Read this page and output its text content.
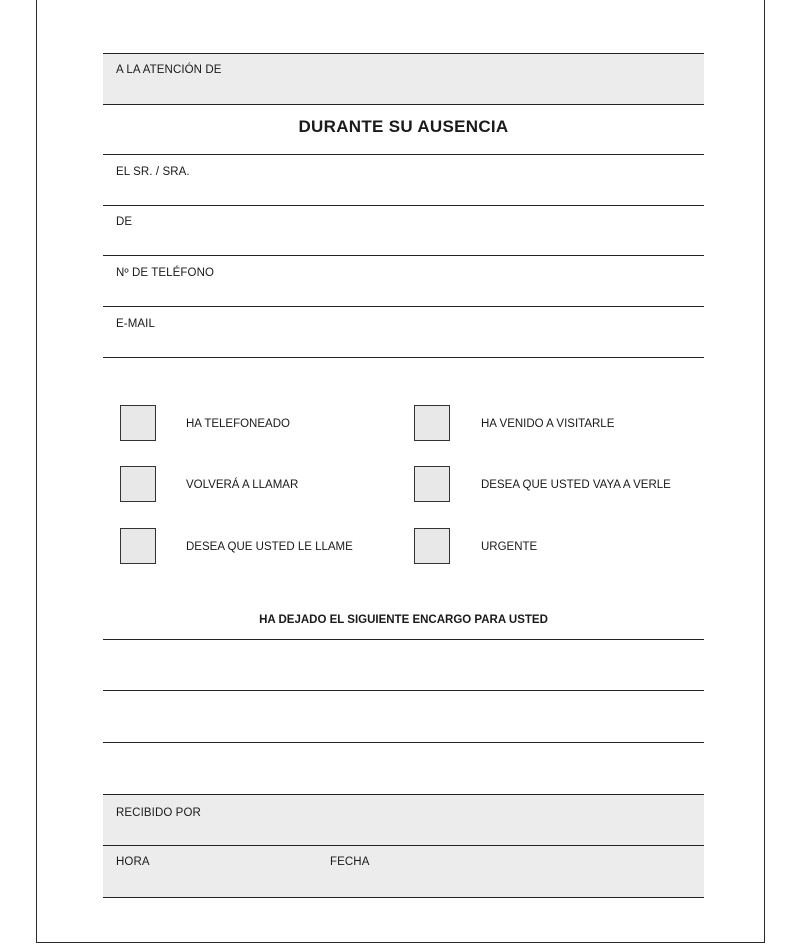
A LA ATENCIÓN DE
DURANTE SU AUSENCIA
EL SR. / SRA.
DE
Nº DE TELÉFONO
E-MAIL
HA TELEFONEADO
VOLVERÁ A LLAMAR
DESEA QUE USTED LE LLAME
HA VENIDO A VISITARLE
DESEA QUE USTED VAYA A VERLE
URGENTE
HA DEJADO EL SIGUIENTE ENCARGO PARA USTED
RECIBIDO POR
HORA	FECHA
